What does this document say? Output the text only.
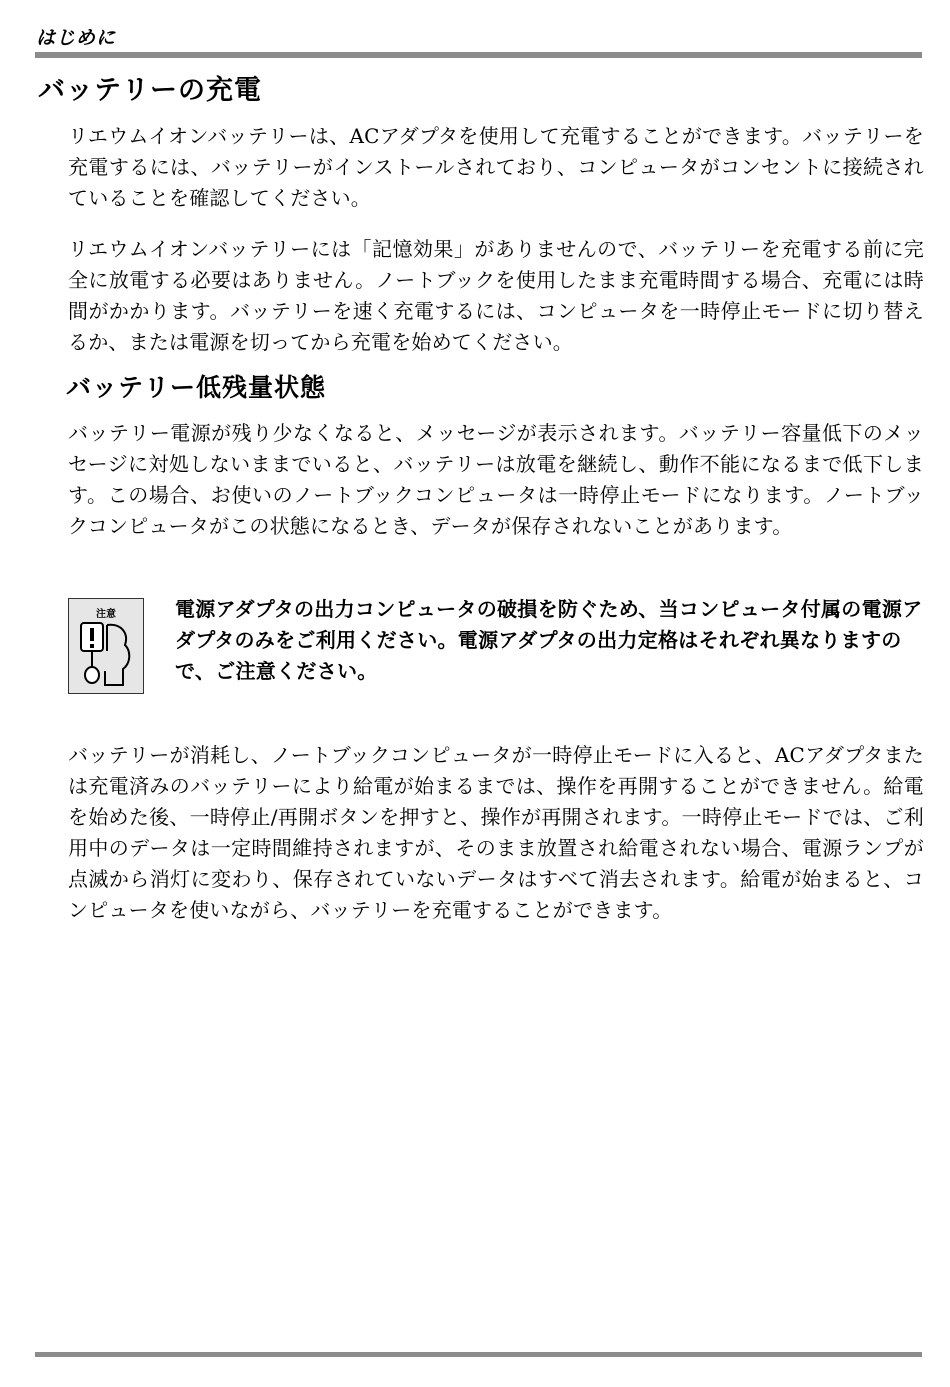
はじめに
バッテリーの充電

リエウムイオンバッテリーは、ACアダプタを使用して充電することができます。バッテリーを充電するには、バッテリーがインストールされており、コンピュータがコンセントに接続されていることを確認してください。

リエウムイオンバッテリーには「記憶効果」がありませんので、バッテリーを充電する前に完全に放電する必要はありません。ノートブックを使用したまま充電時間する場合、充電には時間がかかります。バッテリーを速く充電するには、コンピュータを一時停止モードに切り替えるか、または電源を切ってから充電を始めてください。

バッテリー低残量状態

バッテリー電源が残り少なくなると、メッセージが表示されます。バッテリー容量低下のメッセージに対処しないままでいると、バッテリーは放電を継続し、動作不能になるまで低下します。この場合、お使いのノートブックコンピュータは一時停止モードになります。ノートブックコンピュータがこの状態になるとき、データが保存されないことがあります。

注意	電源アダプタの出力コンピュータの破損を防ぐため、当コンピュータ付属の電源アダプタのみをご利用ください。電源アダプタの出力定格はそれぞれ異なりますので、ご注意ください。

バッテリーが消耗し、ノートブックコンピュータが一時停止モードに入ると、ACアダプタまたは充電済みのバッテリーにより給電が始まるまでは、操作を再開することができません。給電を始めた後、一時停止/再開ボタンを押すと、操作が再開されます。一時停止モードでは、ご利用中のデータは一定時間維持されますが、そのまま放置され給電されない場合、電源ランプが点滅から消灯に変わり、保存されていないデータはすべて消去されます。給電が始まると、コンピュータを使いながら、バッテリーを充電することができます。
